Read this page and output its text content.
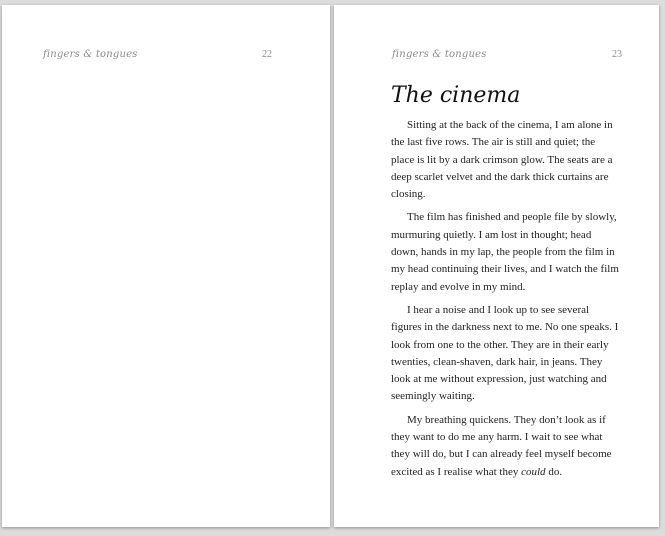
fingers & tongues	22	fingers & tongues	23
The cinema

Sitting at the back of the cinema, I am alone in the last five rows. The air is still and quiet; the place is lit by a dark crimson glow. The seats are a deep scarlet velvet and the dark thick curtains are closing.

The film has finished and people file by slowly, murmuring quietly. I am lost in thought; head down, hands in my lap, the people from the film in my head continuing their lives, and I watch the film replay and evolve in my mind.

I hear a noise and I look up to see several figures in the darkness next to me. No one speaks. I look from one to the other. They are in their early twenties, clean-shaven, dark hair, in jeans. They look at me without expression, just watching and seemingly waiting.

My breathing quickens. They don’t look as if they want to do me any harm. I wait to see what they will do, but I can already feel myself become excited as I realise what they could do.
